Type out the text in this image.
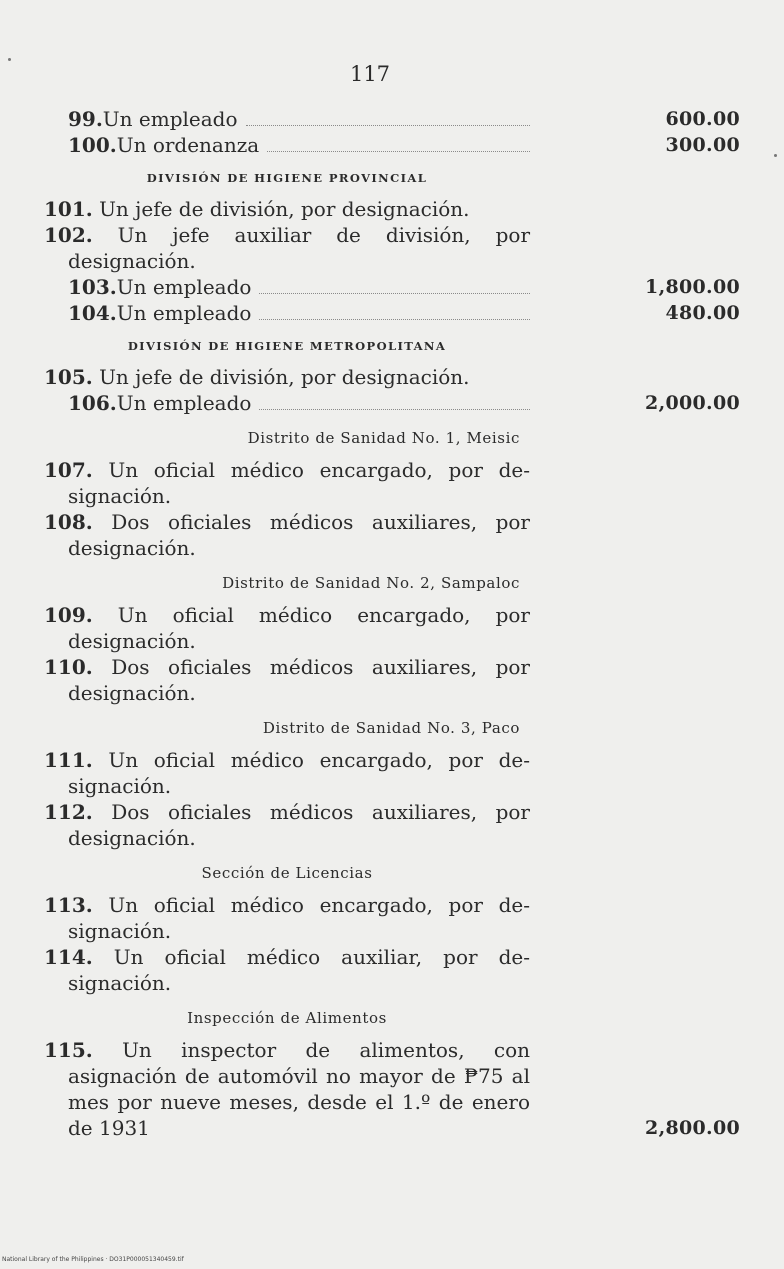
117
600.00
300.00
1,800.00
480.00
2,000.00
2,800.00
99. Un empleado
100. Un ordenanza
DIVISIÓN DE HIGIENE PROVINCIAL
101. Un jefe de división, por designación.
102. Un jefe auxiliar de división, por designación.
103. Un empleado
104. Un empleado
DIVISIÓN DE HIGIENE METROPOLITANA
105. Un jefe de división, por designación.
106. Un empleado
Distrito de Sanidad No. 1, Meisic
107. Un oficial médico encargado, por de-signación.
108. Dos oficiales médicos auxiliares, por designación.
Distrito de Sanidad No. 2, Sampaloc
109. Un oficial médico encargado, por designación.
110. Dos oficiales médicos auxiliares, por designación.
Distrito de Sanidad No. 3, Paco
111. Un oficial médico encargado, por de-signación.
112. Dos oficiales médicos auxiliares, por designación.
Sección de Licencias
113. Un oficial médico encargado, por de-signación.
114. Un oficial médico auxiliar, por de-signación.
Inspección de Alimentos
115. Un inspector de alimentos, con asignación de automóvil no mayor de ₱75 al mes por nueve meses, desde el 1.º de enero de 1931
National Library of the Philippines · DO31P000051340459.tif
